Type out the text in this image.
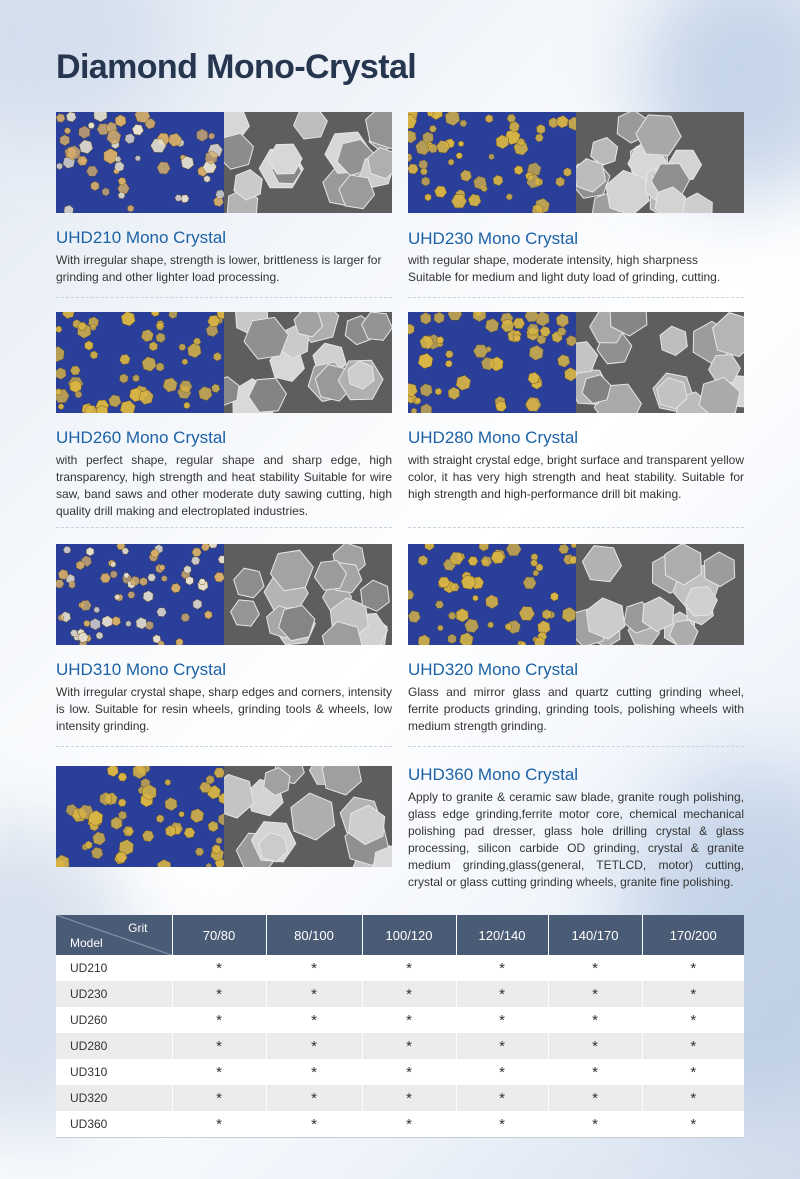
Diamond Mono-Crystal
UHD210 Mono Crystal

With irregular shape, strength is lower, brittleness is larger for grinding and other lighter load processing.

UHD230 Mono Crystal

with regular shape, moderate intensity, high sharpness Suitable for medium and light duty load of grinding, cutting.

UHD260 Mono Crystal

with perfect shape, regular shape and sharp edge, high transparency, high strength and heat stability Suitable for wire saw, band saws and other moderate duty sawing cutting, high quality drill making and electroplated industries.

UHD280 Mono Crystal

with straight crystal edge, bright surface and transparent yellow color, it has very high strength and heat stability. Suitable for high strength and high-performance drill bit making.

UHD310 Mono Crystal

With irregular crystal shape, sharp edges and corners, intensity is low. Suitable for resin wheels, grinding tools & wheels, low intensity grinding.

UHD320 Mono Crystal

Glass and mirror glass and quartz cutting grinding wheel, ferrite products grinding, grinding tools, polishing wheels with medium strength grinding.

UHD360 Mono Crystal

Apply to granite & ceramic saw blade, granite rough polishing, glass edge grinding,ferrite motor core, chemical mechanical polishing pad dresser, glass hole drilling crystal & glass processing, silicon carbide OD grinding, crystal & granite medium grinding,glass(general, TETLCD, motor) cutting, crystal or glass cutting grinding wheels, granite fine polishing.

Grit
Model	70/80	80/100	100/120	120/140	140/170	170/200
UD210	*	*	*	*	*	*
UD230	*	*	*	*	*	*
UD260	*	*	*	*	*	*
UD280	*	*	*	*	*	*
UD310	*	*	*	*	*	*
UD320	*	*	*	*	*	*
UD360	*	*	*	*	*	*
